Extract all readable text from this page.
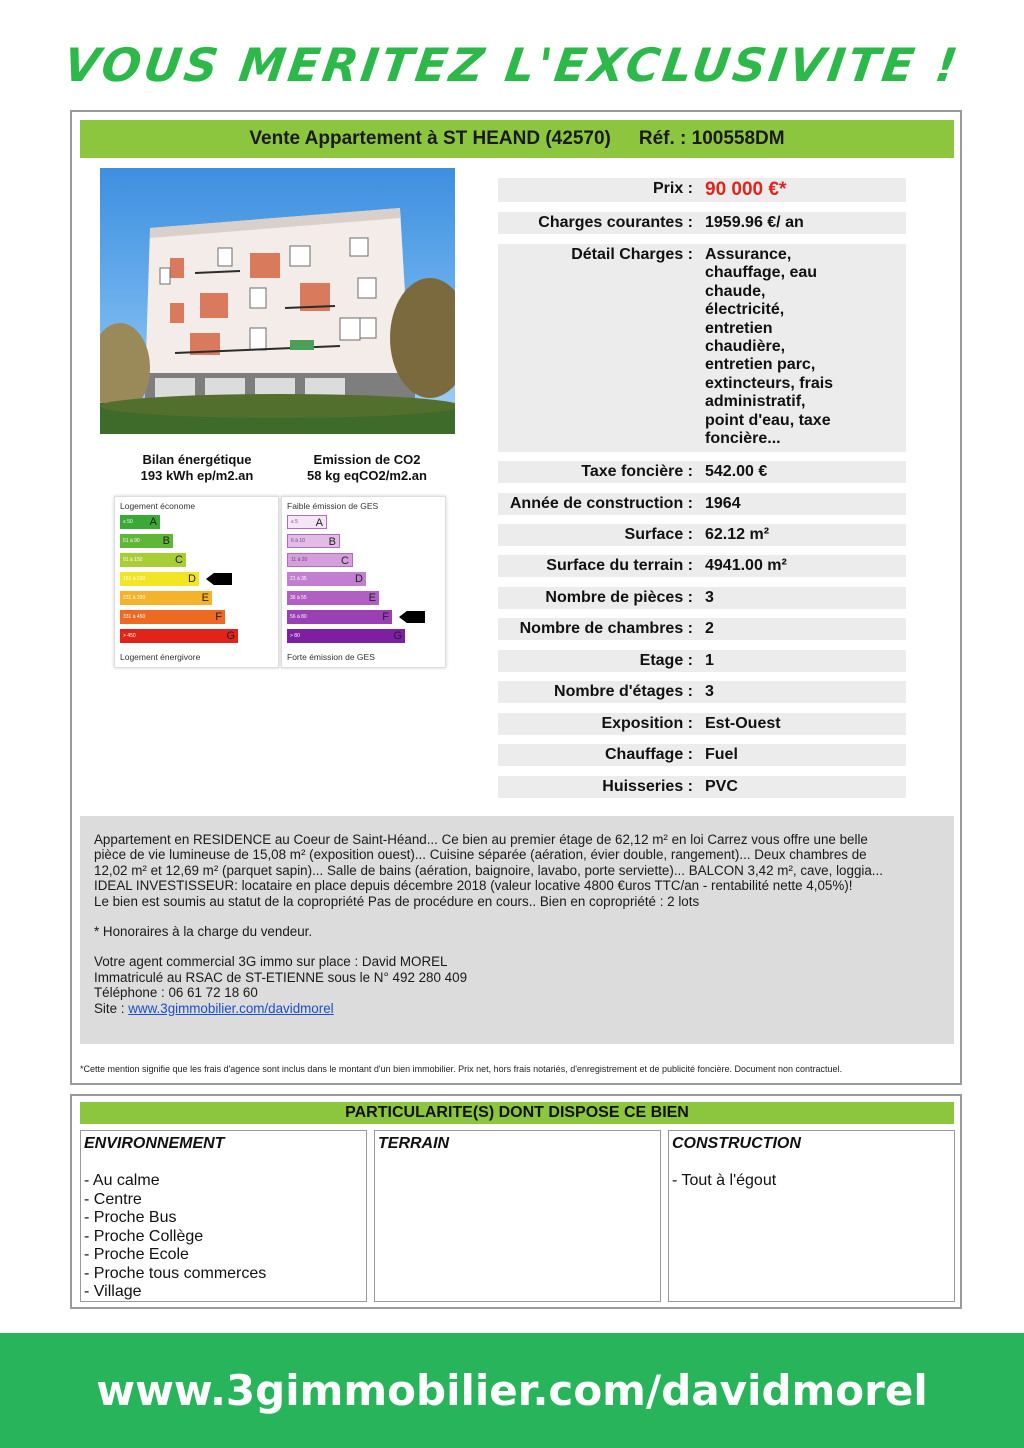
VOUS MERITEZ L'EXCLUSIVITE !
Vente Appartement à ST HEAND (42570) Réf. : 100558DM
Bilan énergétique
193 kWh ep/m2.an
Emission de CO2
58 kg eqCO2/m2.an
Logement économe
Logement énergivore
≤ 50 A
51 à 90 B
91 à 150	C
151 à 230	D
231 à 330	E
331 à 450	F
> 450	G
Faible émission de GES
Forte émission de GES
≤ 5 A
6 à 10 B
11 à 20	C
21 à 35	D
36 à 55	E
56 à 80	F
> 80	G
Prix : 90 000 €*
Charges courantes : 1959.96 €/ an
Détail Charges : Assurance,
chauffage, eau
chaude,
électricité,
entretien
chaudière,
entretien parc,
extincteurs, frais
administratif,
point d'eau, taxe
foncière...
Taxe foncière : 542.00 €
Année de construction : 1964
Surface : 62.12 m²
Surface du terrain : 4941.00 m²
Nombre de pièces : 3
Nombre de chambres : 2
Etage : 1
Nombre d'étages : 3
Exposition : Est-Ouest
Chauffage : Fuel
Huisseries : PVC

Appartement en RESIDENCE au Coeur de Saint-Héand... Ce bien au premier étage de 62,12 m² en loi Carrez vous offre une belle
pièce de vie lumineuse de 15,08 m² (exposition ouest)... Cuisine séparée (aération, évier double, rangement)... Deux chambres de
12,02 m² et 12,69 m² (parquet sapin)... Salle de bains (aération, baignoire, lavabo, porte serviette)... BALCON 3,42 m², cave, loggia...
IDEAL INVESTISSEUR: locataire en place depuis décembre 2018 (valeur locative 4800 €uros TTC/an - rentabilité nette 4,05%)!
Le bien est soumis au statut de la copropriété Pas de procédure en cours.. Bien en copropriété : 2 lots

* Honoraires à la charge du vendeur.

Votre agent commercial 3G immo sur place : David MOREL
Immatriculé au RSAC de ST-ETIENNE sous le N° 492 280 409
Téléphone : 06 61 72 18 60

Site : www.3gimmobilier.com/davidmorel

*Cette mention signifie que les frais d'agence sont inclus dans le montant d'un bien immobilier. Prix net, hors frais notariés, d'enregistrement et de publicité foncière. Document non contractuel.
PARTICULARITE(S) DONT DISPOSE CE BIEN
ENVIRONNEMENT
- Au calme
- Centre
- Proche Bus
- Proche Collège
- Proche Ecole
- Proche tous commerces
- Village
TERRAIN	CONSTRUCTION
- Tout à l'égout
www.3gimmobilier.com/davidmorel
